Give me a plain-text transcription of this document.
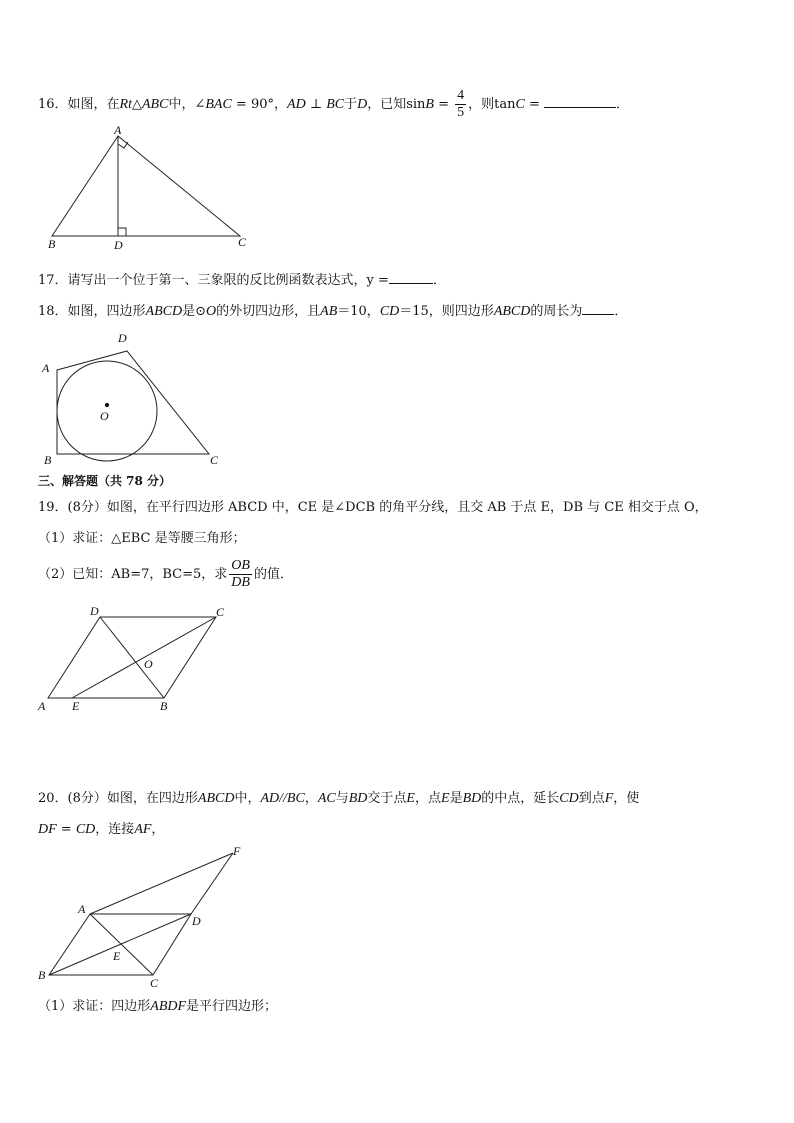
16．如图，在Rt△ABC中，∠BAC = 90°，AD ⊥ BC于D，已知$\sin B = \frac{4}{5}$ ，则tanC =	．
A
B	D	C
17．请写出一个位于第一、三象限的反比例函数表达式，y =	．
18．如图，四边形ABCD是⊙O的外切四边形，且AB＝10，CD＝15，则四边形ABCD的周长为 ．
O
A
D
B	C
三、解答题（共 78 分）
19．(8分）如图，在平行四边形 ABCD 中，CE 是∠DCB 的角平分线，且交 AB 于点 E，DB 与 CE 相交于点 O，
（1）求证：△EBC 是等腰三角形；
（2）已知：AB=7，BC=5，求 $\frac{OB}{DB}$ 的值．
D	C
O
A E	B
20．(8分）如图，在四边形ABCD中，AD//BC，AC与BD交于点E，点E是BD的中点，延长CD到点F，使
DF = CD，连接AF，
F
A
D
E
B
C
（1）求证：四边形ABDF是平行四边形；
